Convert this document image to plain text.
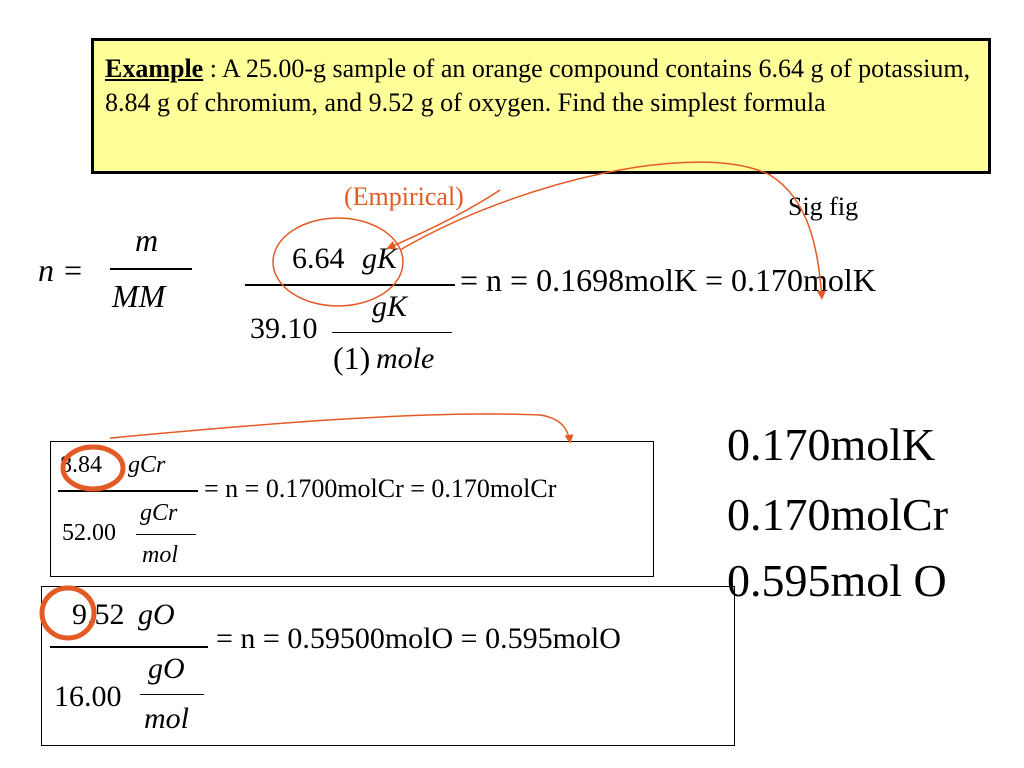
Example : A 25.00-g sample of an orange compound contains 6.64 g of potassium, 8.84 g of chromium, and 9.52 g of oxygen. Find the simplest formula
(Empirical)	Sig fig
n =
m
MM
6.64 gK
39.10
gK
(1) mole
= n = 0.1698molK = 0.170molK
8.84 gCr
52.00
gCr
mol
= n = 0.1700molCr = 0.170molCr
9.52 gO
16.00
gO
mol
= n = 0.59500molO = 0.595molO
0.170molK
0.170molCr
0.595mol O
